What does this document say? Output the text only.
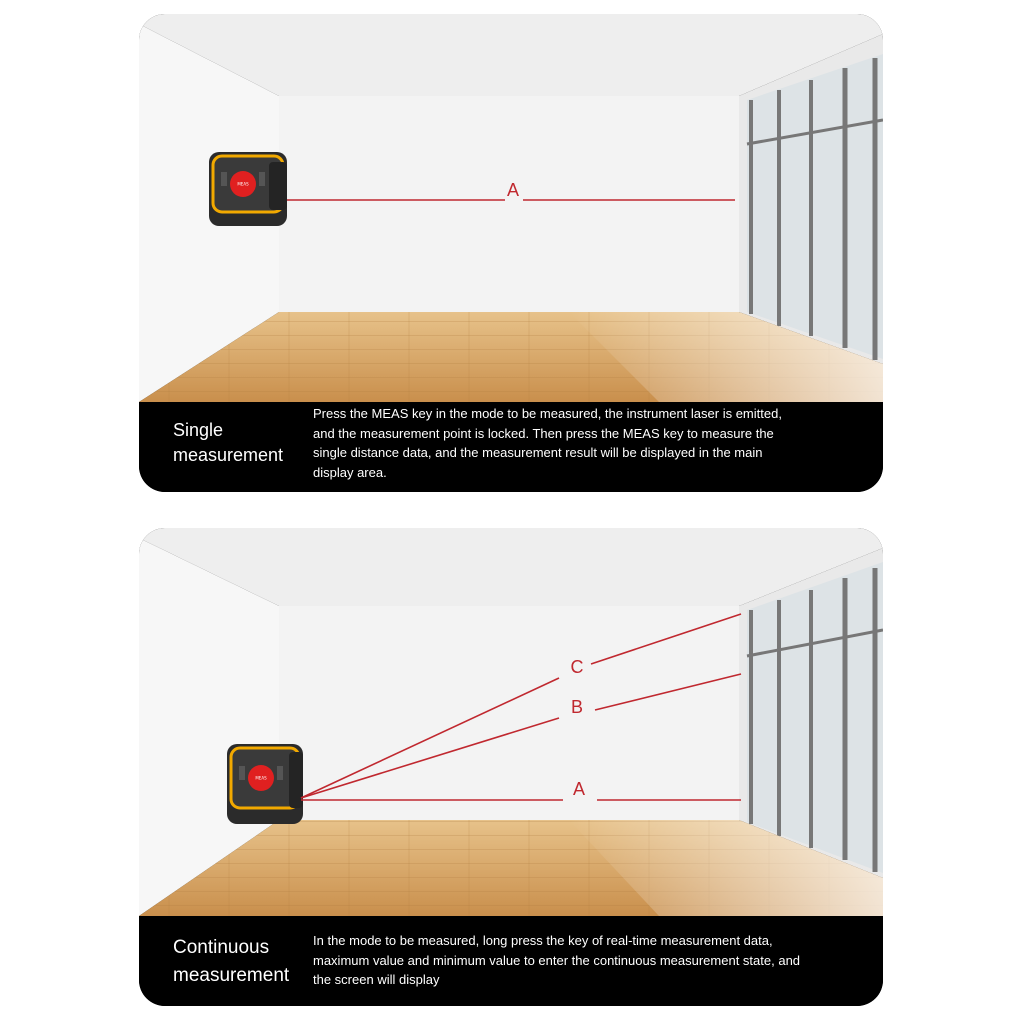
MEAS	A
Single
measurement
Press the MEAS key in the mode to be measured, the instrument laser is emitted,
and the measurement point is locked. Then press the MEAS key to measure the
single distance data, and the measurement result will be displayed in the main
display area.
MEAS
C
B
A
Continuous
measurement
In the mode to be measured, long press the key of real-time measurement data,
maximum value and minimum value to enter the continuous measurement state, and
the screen will display
